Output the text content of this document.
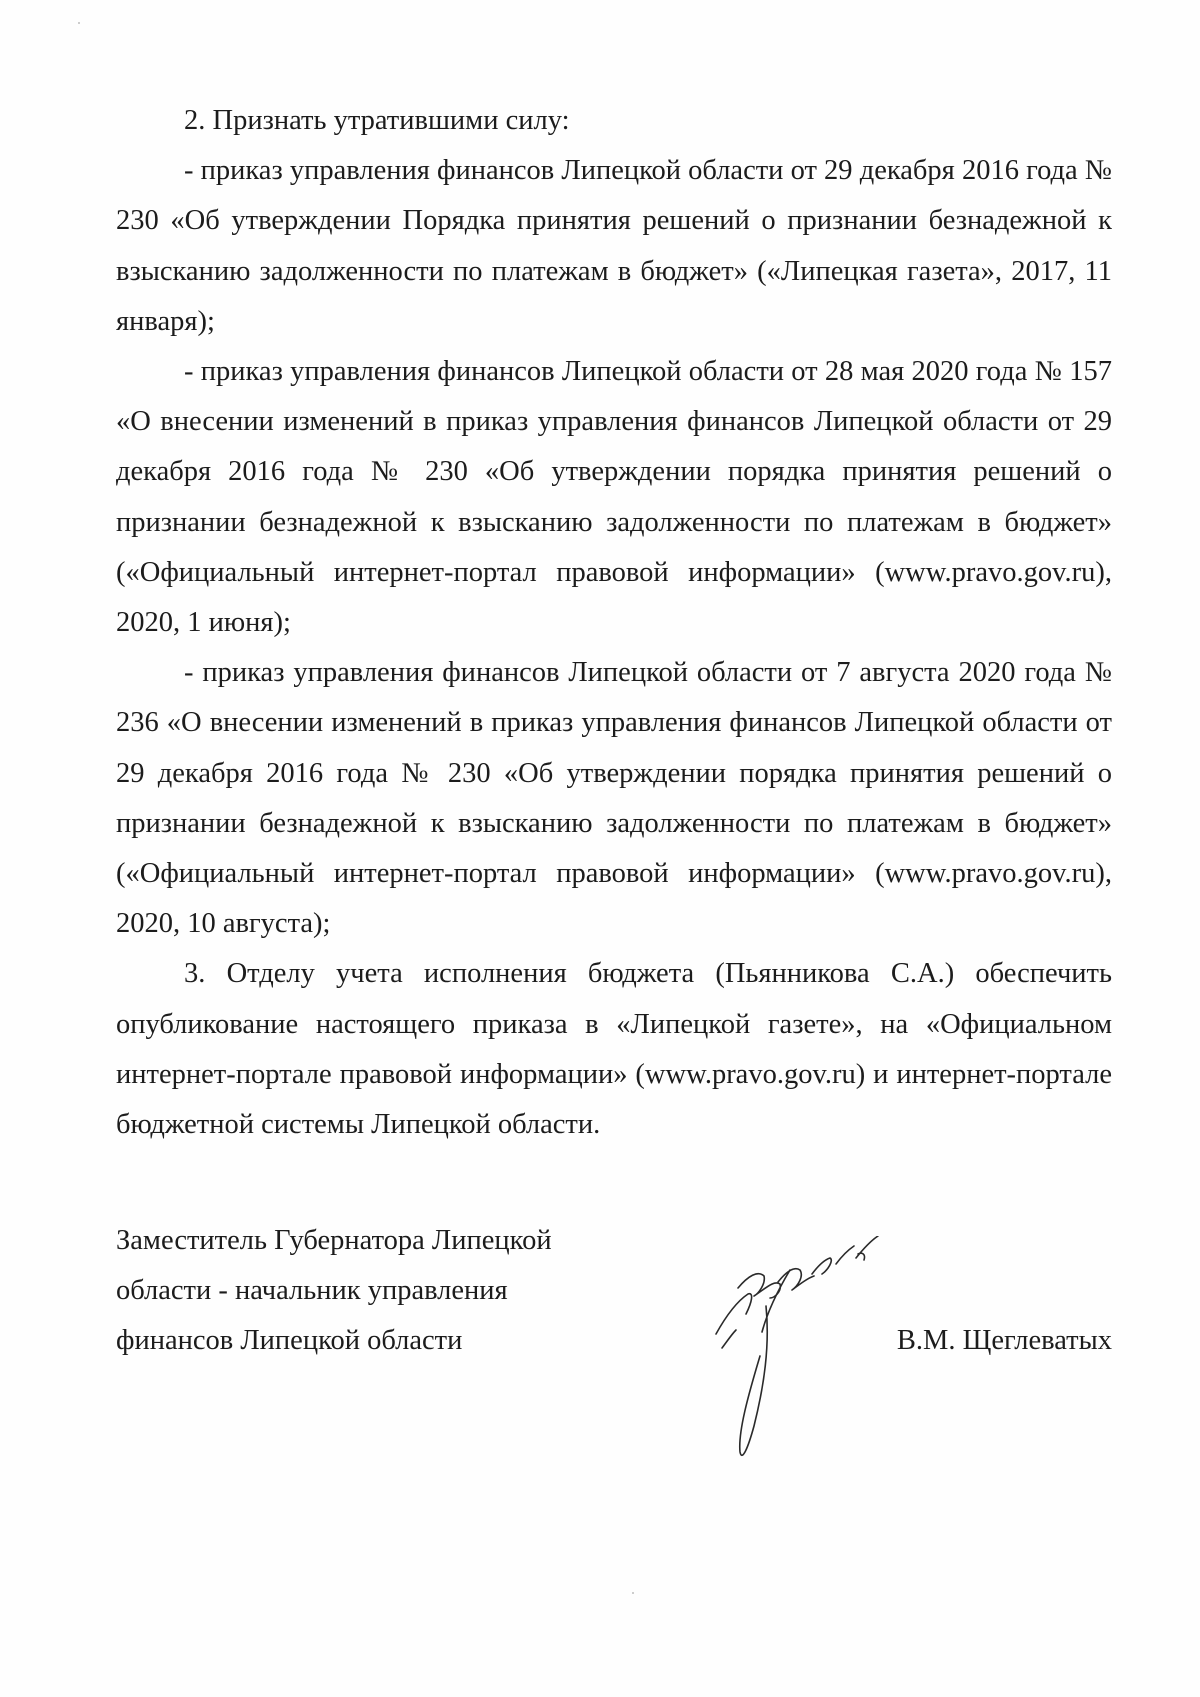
2. Признать утратившими силу:

- приказ управления финансов Липецкой области от 29 декабря 2016 года № 230 «Об утверждении Порядка принятия решений о признании безнадежной к взысканию задолженности по платежам в бюджет» («Липецкая газета», 2017, 11 января);

- приказ управления финансов Липецкой области от 28 мая 2020 года № 157 «О внесении изменений в приказ управления финансов Липецкой области от 29 декабря 2016 года № 230 «Об утверждении порядка принятия решений о признании безнадежной к взысканию задолженности по платежам в бюджет» («Официальный интернет-портал правовой информации» (www.pravo.gov.ru), 2020, 1 июня);

- приказ управления финансов Липецкой области от 7 августа 2020 года № 236 «О внесении изменений в приказ управления финансов Липецкой области от 29 декабря 2016 года № 230 «Об утверждении порядка принятия решений о признании безнадежной к взысканию задолженности по платежам в бюджет» («Официальный интернет-портал правовой информации» (www.pravo.gov.ru), 2020, 10 августа);

3. Отделу учета исполнения бюджета (Пьянникова С.А.) обеспечить опубликование настоящего приказа в «Липецкой газете», на «Официальном интернет-портале правовой информации» (www.pravo.gov.ru) и интернет-портале бюджетной системы Липецкой области.

Заместитель Губернатора Липецкой
области - начальник управления
финансов Липецкой области	В.М. Щеглеватых
